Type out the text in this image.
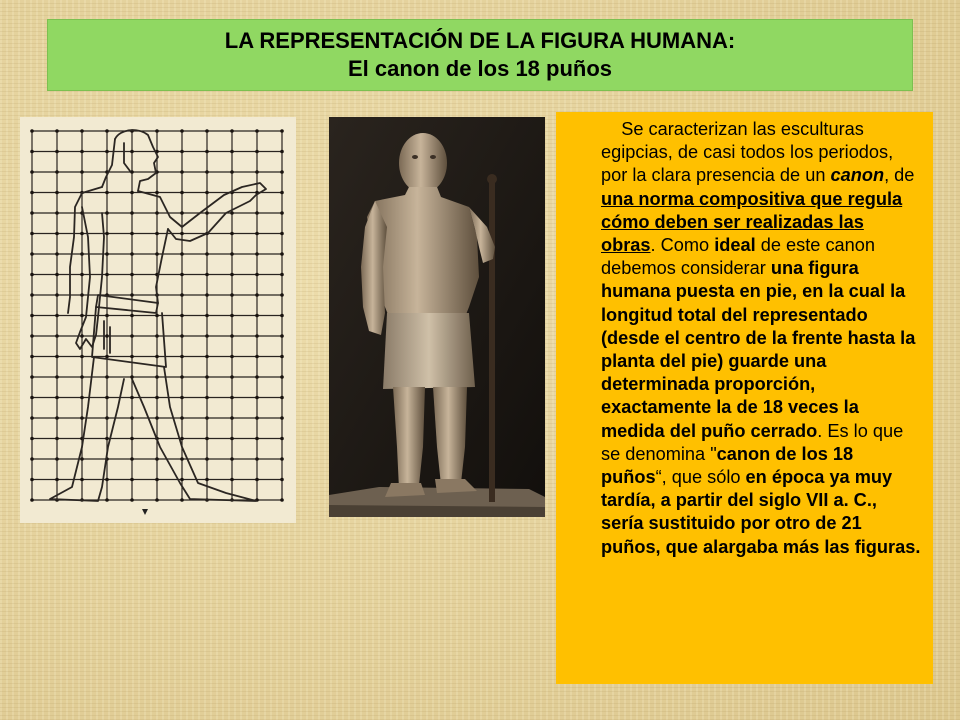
LA REPRESENTACIÓN DE LA FIGURA HUMANA:
El canon de los 18 puños

Se caracterizan las esculturas egipcias, de casi todos los periodos, por la clara presencia de un canon, de una norma compositiva que regula cómo deben ser realizadas las obras. Como ideal de este canon debemos considerar una figura humana puesta en pie, en la cual la longitud total del representado (desde el centro de la frente hasta la planta del pie) guarde una determinada proporción, exactamente la de 18 veces la medida del puño cerrado. Es lo que se denomina "canon de los 18 puños“, que sólo en época ya muy tardía, a partir del siglo VII a. C., sería sustituido por otro de 21 puños, que alargaba más las figuras.
